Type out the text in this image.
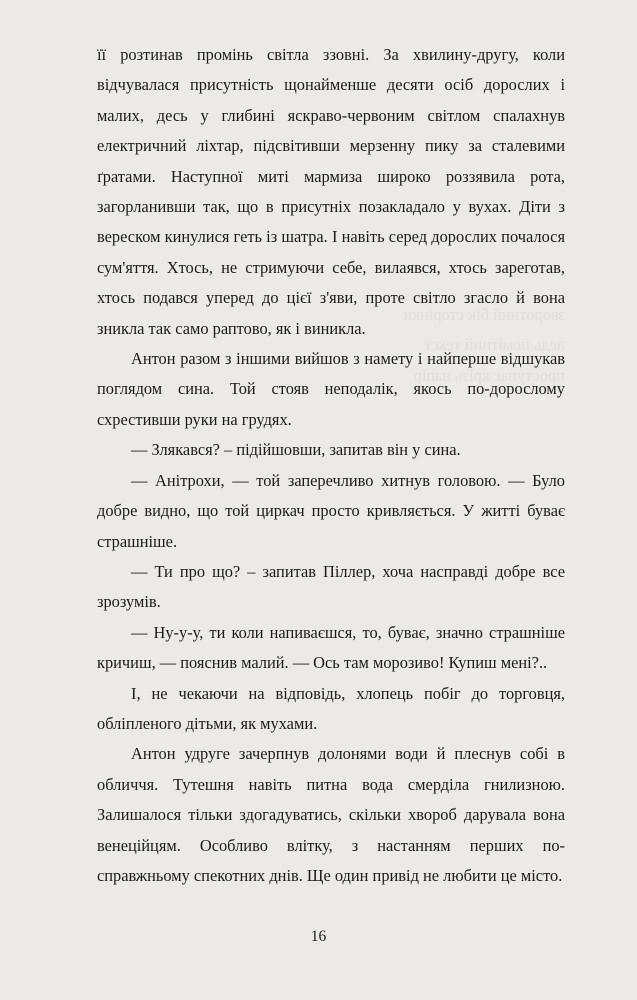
зворотний бік сторінки

ледь помітний текст

проступає крізь папір

її розтинав промінь світла ззовні. За хвилину-другу, коли відчувалася присутність щонайменше десяти осіб дорослих і малих, десь у глибині яскраво-червоним світлом спалахнув електричний ліхтар, підсвітивши мерзенну пику за сталевими ґратами. Наступної миті мармиза широко роззявила рота, загорланивши так, що в присутніх позакладало у вухах. Діти з вереском кинулися геть із шатра. І навіть серед дорослих почалося сум'яття. Хтось, не стримуючи себе, вилаявся, хтось зареготав, хтось подався уперед до цієї з'яви, проте світло згасло й вона зникла так само раптово, як і виникла.

Антон разом з іншими вийшов з намету і найперше відшукав поглядом сина. Той стояв неподалік, якось по-дорослому схрестивши руки на грудях.

— Злякався? – підійшовши, запитав він у сина.

— Анітрохи, — той заперечливо хитнув головою. — Було добре видно, що той циркач просто кривляється. У житті буває страшніше.

— Ти про що? – запитав Піллер, хоча насправді добре все зрозумів.

— Ну-у-у, ти коли напиваєшся, то, буває, значно страшніше кричиш, — пояснив малий. — Ось там морозиво! Купиш мені?..

І, не чекаючи на відповідь, хлопець побіг до торговця, обліпленого дітьми, як мухами.

Антон удруге зачерпнув долонями води й плеснув собі в обличчя. Тутешня навіть питна вода смерділа гнилизною. Залишалося тільки здогадуватись, скільки хвороб дарувала вона венеційцям. Особливо влітку, з настанням перших по-справжньому спекотних днів. Ще один привід не любити це місто.

16
